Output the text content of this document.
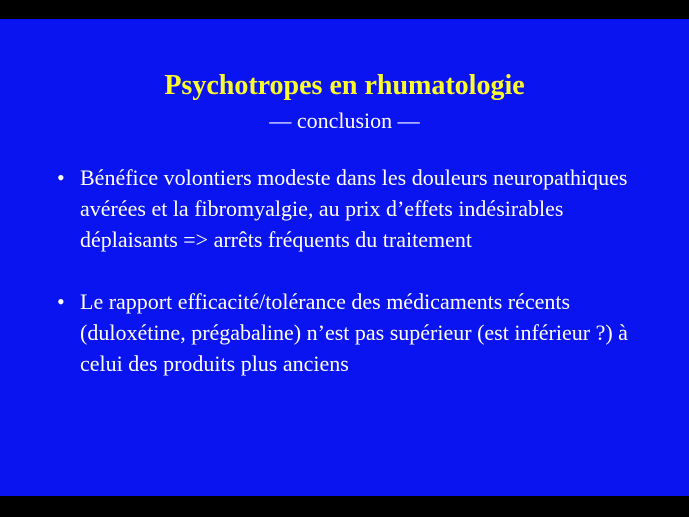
Psychotropes en rhumatologie

— conclusion —

• Bénéfice volontiers modeste dans les douleurs neuropathiques avérées et la fibromyalgie, au prix d’effets indésirables déplaisants => arrêts fréquents du traitement
• Le rapport efficacité/tolérance des médicaments récents (duloxétine, prégabaline) n’est pas supérieur (est inférieur ?) à celui des produits plus anciens
